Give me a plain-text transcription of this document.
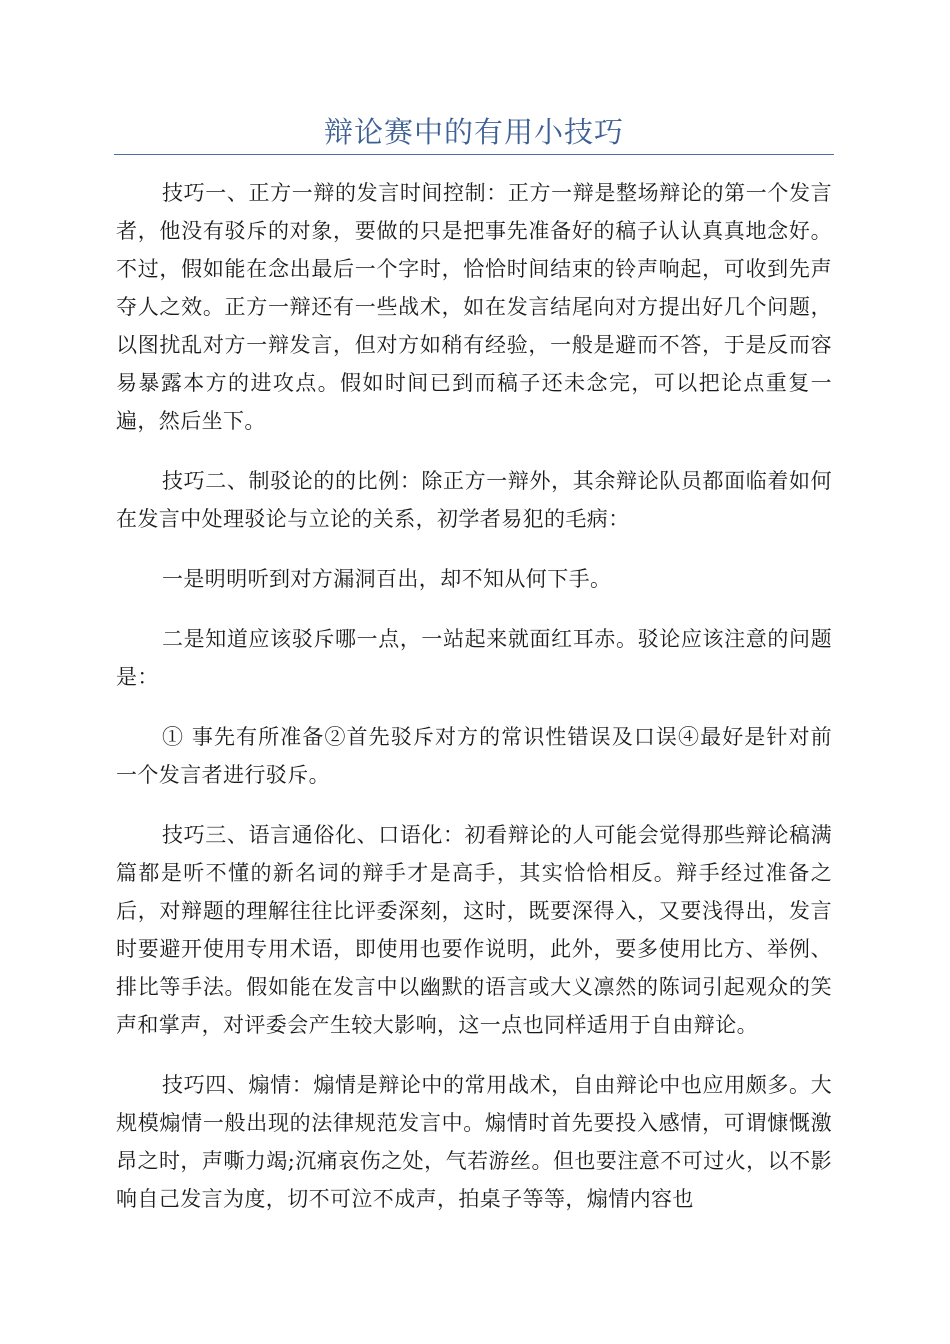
辩论赛中的有用小技巧

技巧一、正方一辩的发言时间控制：正方一辩是整场辩论的第一个发言者，他没有驳斥的对象，要做的只是把事先准备好的稿子认认真真地念好。不过，假如能在念出最后一个字时，恰恰时间结束的铃声响起，可收到先声夺人之效。正方一辩还有一些战术，如在发言结尾向对方提出好几个问题，以图扰乱对方一辩发言，但对方如稍有经验，一般是避而不答，于是反而容易暴露本方的进攻点。假如时间已到而稿子还未念完，可以把论点重复一遍，然后坐下。

技巧二、制驳论的的比例：除正方一辩外，其余辩论队员都面临着如何在发言中处理驳论与立论的关系，初学者易犯的毛病：

一是明明听到对方漏洞百出，却不知从何下手。

二是知道应该驳斥哪一点，一站起来就面红耳赤。驳论应该注意的问题是：

① 事先有所准备②首先驳斥对方的常识性错误及口误④最好是针对前一个发言者进行驳斥。

技巧三、语言通俗化、口语化：初看辩论的人可能会觉得那些辩论稿满篇都是听不懂的新名词的辩手才是高手，其实恰恰相反。辩手经过准备之后，对辩题的理解往往比评委深刻，这时，既要深得入，又要浅得出，发言时要避开使用专用术语，即使用也要作说明，此外，要多使用比方、举例、排比等手法。假如能在发言中以幽默的语言或大义凛然的陈词引起观众的笑声和掌声，对评委会产生较大影响，这一点也同样适用于自由辩论。

技巧四、煽情：煽情是辩论中的常用战术，自由辩论中也应用颇多。大规模煽情一般出现的法律规范发言中。煽情时首先要投入感情，可谓慷慨激昂之时，声嘶力竭;沉痛哀伤之处，气若游丝。但也要注意不可过火，以不影响自己发言为度，切不可泣不成声，拍桌子等等，煽情内容也
